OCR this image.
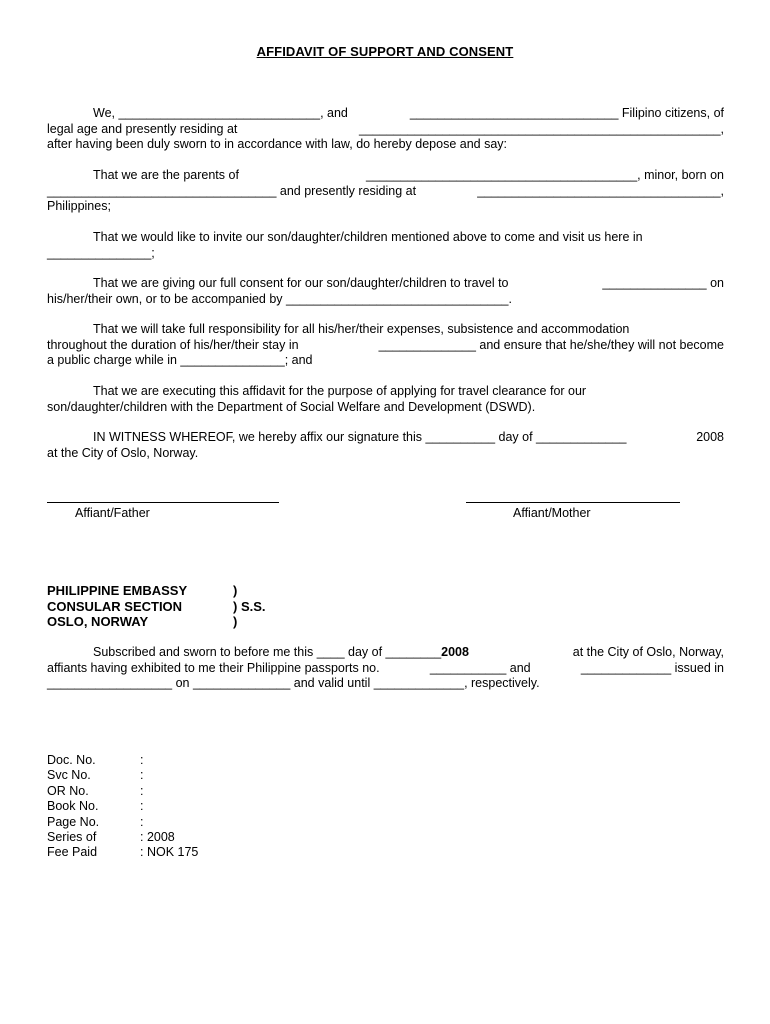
AFFIDAVIT OF SUPPORT AND CONSENT
We, _____________________________, and	______________________________ Filipino citizens, of
legal age and presently residing at	____________________________________________________,
after having been duly sworn to in accordance with law, do hereby depose and say:
That we are the parents of	_______________________________________, minor, born on
_________________________________ and presently residing at	___________________________________,
Philippines;
That we would like to invite our son/daughter/children mentioned above to come and visit us here in
_______________;
That we are giving our full consent for our son/daughter/children to travel to	_______________ on
his/her/their own, or to be accompanied by ________________________________.
That we will take full responsibility for all his/her/their expenses, subsistence and accommodation
throughout the duration of his/her/their stay in	______________ and ensure that he/she/they will not become
a public charge while in _______________; and
That we are executing this affidavit for the purpose of applying for travel clearance for our
son/daughter/children with the Department of Social Welfare and Development (DSWD).
IN WITNESS WHEREOF, we hereby affix our signature this __________ day of _____________	2008
at the City of Oslo, Norway.
Affiant/Father	Affiant/Mother
PHILIPPINE EMBASSY	)
CONSULAR SECTION	) S.S.
OSLO, NORWAY	)
Subscribed and sworn to before me this ____ day of ________2008	at the City of Oslo, Norway,
affiants having exhibited to me their Philippine passports no.	___________ and	_____________ issued in
__________________ on ______________ and valid until _____________, respectively.
Doc. No.	:
Svc No.	:
OR No.	:
Book No.	:
Page No.	:
Series of	: 2008
Fee Paid	: NOK 175
